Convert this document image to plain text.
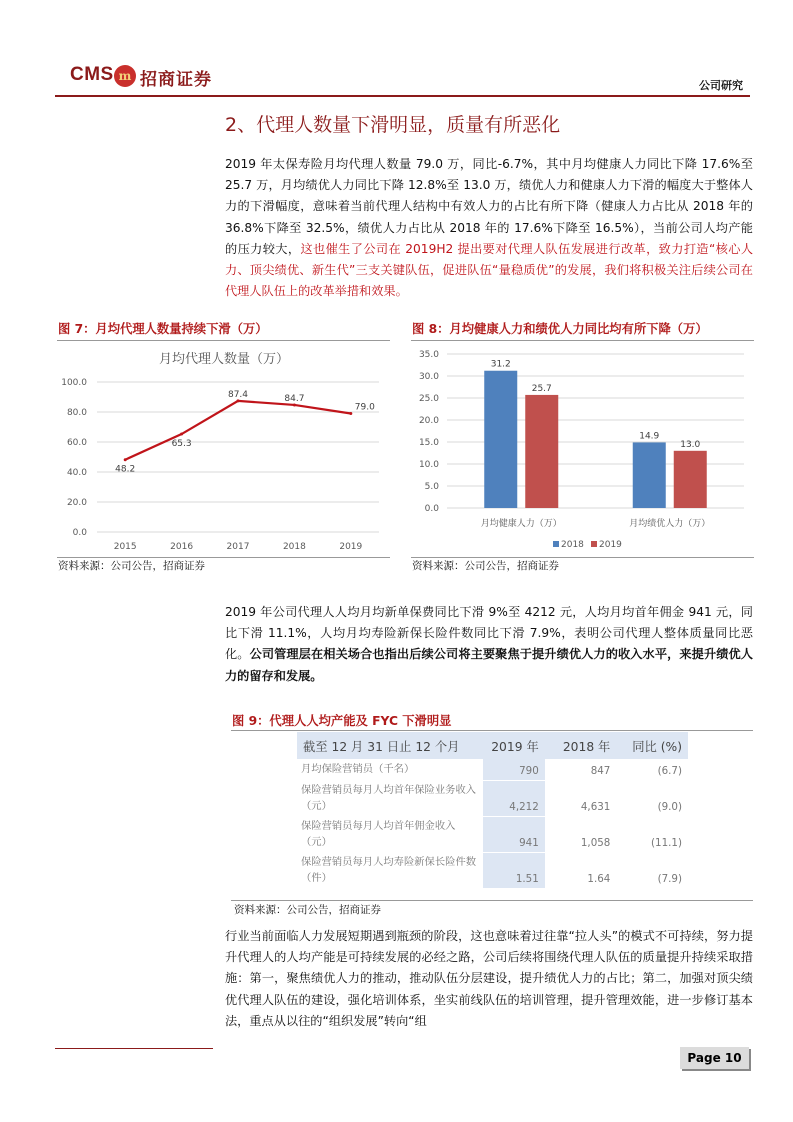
CMS m 招商证券	公司研究
2、代理人数量下滑明显，质量有所恶化
2019 年太保寿险月均代理人数量 79.0 万，同比-6.7%，其中月均健康人力同比下降 17.6%至 25.7 万，月均绩优人力同比下降 12.8%至 13.0 万，绩优人力和健康人力下滑的幅度大于整体人力的下滑幅度，意味着当前代理人结构中有效人力的占比有所下降（健康人力占比从 2018 年的 36.8%下降至 32.5%，绩优人力占比从 2018 年的 17.6%下降至 16.5%），当前公司人均产能的压力较大，这也催生了公司在 2019H2 提出要对代理人队伍发展进行改革，致力打造“核心人力、顶尖绩优、新生代”三支关键队伍，促进队伍“量稳质优”的发展，我们将积极关注后续公司在代理人队伍上的改革举措和效果。
图 7：月均代理人数量持续下滑（万）
月均代理人数量（万）
0.0
20.0
40.0
60.0
80.0
100.0
48.2
65.3
87.4	84.7
79.0
2015	2016	2017	2018	2019
资料来源：公司公告，招商证券
图 8：月均健康人力和绩优人力同比均有所下降（万）
0.0
5.0
10.0
15.0
20.0
25.0
30.0
35.0
31.2
25.7
月均健康人力（万）
14.9
13.0
月均绩优人力（万）
2018 2019
资料来源：公司公告，招商证券
2019 年公司代理人人均月均新单保费同比下滑 9%至 4212 元，人均月均首年佣金 941 元，同比下滑 11.1%，人均月均寿险新保长险件数同比下滑 7.9%，表明公司代理人整体质量同比恶化。公司管理层在相关场合也指出后续公司将主要聚焦于提升绩优人力的收入水平，来提升绩优人力的留存和发展。
图 9：代理人人均产能及 FYC 下滑明显
截至 12 月 31 日止 12 个月	2019 年	2018 年	同比 (%)
月均保险营销员（千名）	790	847	(6.7)
保险营销员每月人均首年保险业务收入（元）	4,212	4,631	(9.0)
保险营销员每月人均首年佣金收入（元）	941	1,058	(11.1)
保险营销员每月人均寿险新保长险件数（件）	1.51	1.64	(7.9)
资料来源：公司公告，招商证券
行业当前面临人力发展短期遇到瓶颈的阶段，这也意味着过往靠“拉人头”的模式不可持续，努力提升代理人的人均产能是可持续发展的必经之路，公司后续将围绕代理人队伍的质量提升持续采取措施：第一，聚焦绩优人力的推动，推动队伍分层建设，提升绩优人力的占比；第二，加强对顶尖绩优代理人队伍的建设，强化培训体系，坐实前线队伍的培训管理，提升管理效能，进一步修订基本法，重点从以往的“组织发展”转向“组
Page 10
